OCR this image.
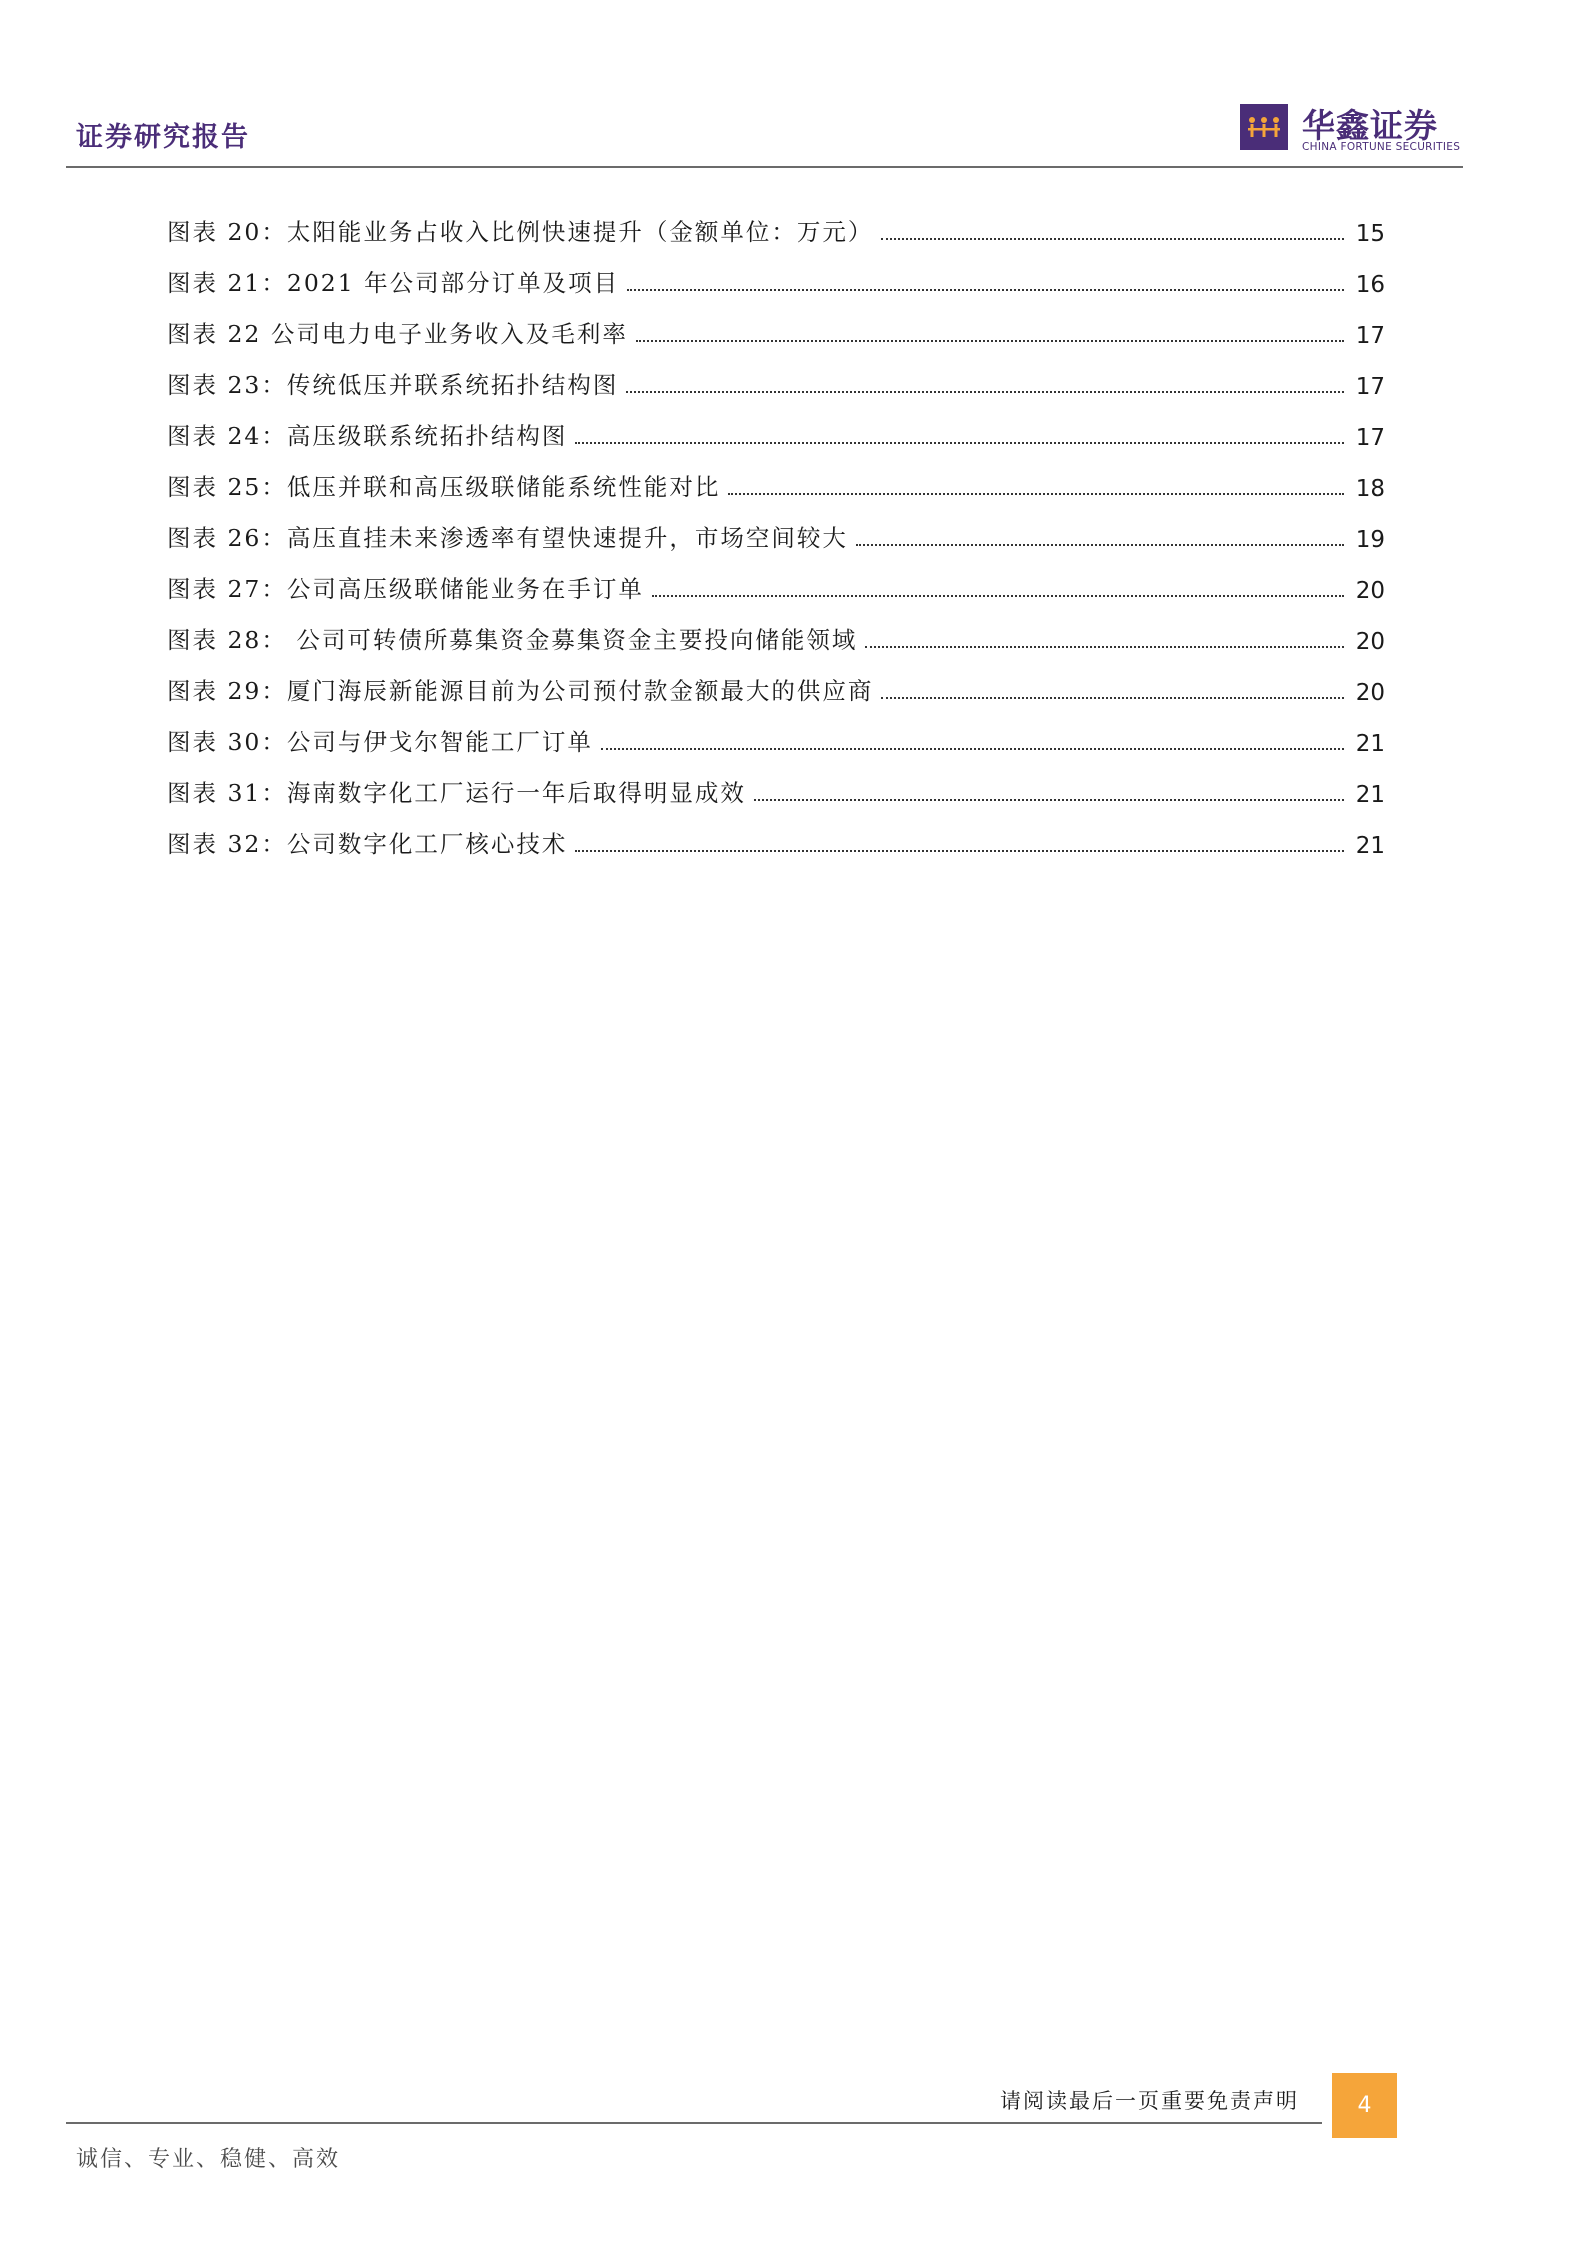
证券研究报告	华鑫证券
CHINA FORTUNE SECURITIES
图表 20：太阳能业务占收入比例快速提升（金额单位：万元）	15
图表 21：2021 年公司部分订单及项目	16
图表 22 公司电力电子业务收入及毛利率	17
图表 23：传统低压并联系统拓扑结构图	17
图表 24：高压级联系统拓扑结构图	17
图表 25：低压并联和高压级联储能系统性能对比	18
图表 26：高压直挂未来渗透率有望快速提升，市场空间较大	19
图表 27：公司高压级联储能业务在手订单	20
图表 28： 公司可转债所募集资金募集资金主要投向储能领域	20
图表 29：厦门海辰新能源目前为公司预付款金额最大的供应商	20
图表 30：公司与伊戈尔智能工厂订单	21
图表 31：海南数字化工厂运行一年后取得明显成效	21
图表 32：公司数字化工厂核心技术	21
请阅读最后一页重要免责声明	4
诚信、专业、稳健、高效
